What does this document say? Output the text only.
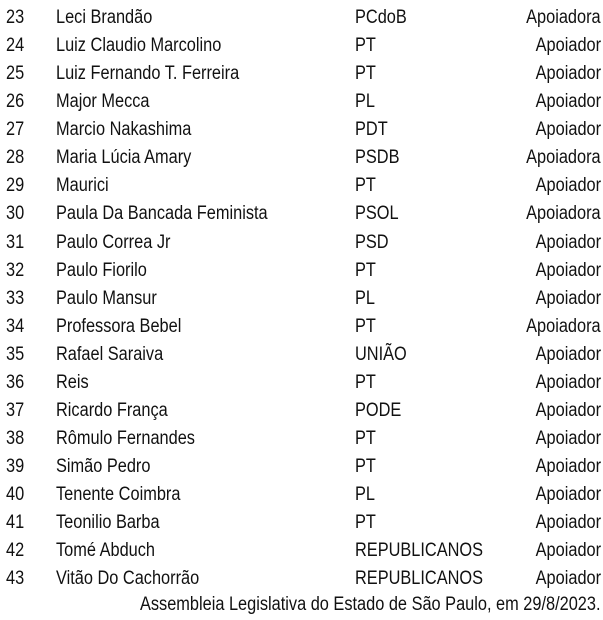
23 Leci Brandão	PCdoB	Apoiadora
24 Luiz Claudio Marcolino	PT	Apoiador
25 Luiz Fernando T. Ferreira	PT	Apoiador
26 Major Mecca	PL	Apoiador
27 Marcio Nakashima	PDT	Apoiador
28 Maria Lúcia Amary	PSDB	Apoiadora
29 Maurici	PT	Apoiador
30 Paula Da Bancada Feminista	PSOL	Apoiadora
31 Paulo Correa Jr	PSD	Apoiador
32 Paulo Fiorilo	PT	Apoiador
33 Paulo Mansur	PL	Apoiador
34 Professora Bebel	PT	Apoiadora
35 Rafael Saraiva	UNIÃO	Apoiador
36 Reis	PT	Apoiador
37 Ricardo França	PODE	Apoiador
38 Rômulo Fernandes	PT	Apoiador
39 Simão Pedro	PT	Apoiador
40 Tenente Coimbra	PL	Apoiador
41 Teonilio Barba	PT	Apoiador
42 Tomé Abduch	REPUBLICANOS	Apoiador
43 Vitão Do Cachorrão	REPUBLICANOS	Apoiador
Assembleia Legislativa do Estado de São Paulo, em 29/8/2023.
